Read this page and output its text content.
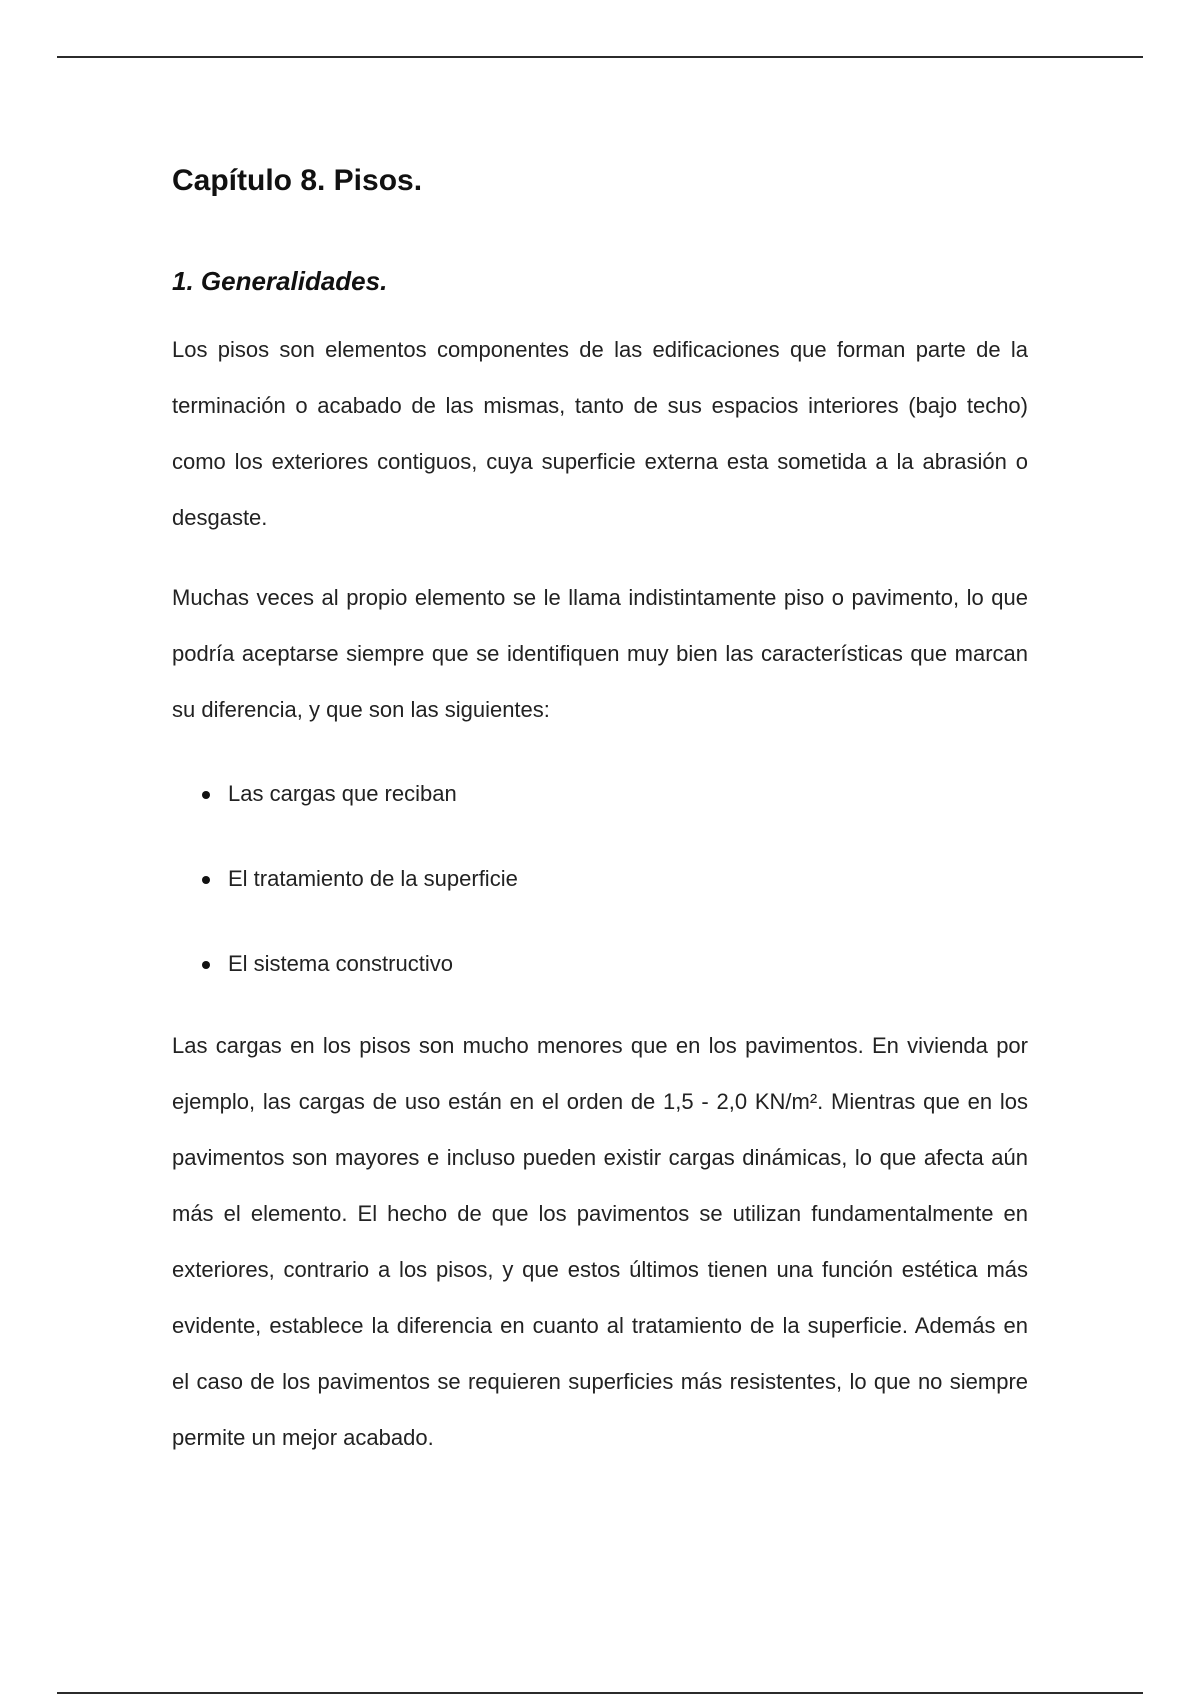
Capítulo 8. Pisos.
1. Generalidades.

Los pisos son elementos componentes de las edificaciones que forman parte de la terminación o acabado de las mismas, tanto de sus espacios interiores (bajo techo) como los exteriores contiguos, cuya superficie externa esta sometida a la abrasión o desgaste.

Muchas veces al propio elemento se le llama indistintamente piso o pavimento, lo que podría aceptarse siempre que se identifiquen muy bien las características que marcan su diferencia, y que son las siguientes:

Las cargas que reciban
El tratamiento de la superficie
El sistema constructivo

Las cargas en los pisos son mucho menores que en los pavimentos. En vivienda por ejemplo, las cargas de uso están en el orden de 1,5 - 2,0 KN/m². Mientras que en los pavimentos son mayores e incluso pueden existir cargas dinámicas, lo que afecta aún más el elemento. El hecho de que los pavimentos se utilizan fundamentalmente en exteriores, contrario a los pisos, y que estos últimos tienen una función estética más evidente, establece la diferencia en cuanto al tratamiento de la superficie. Además en el caso de los pavimentos se requieren superficies más resistentes, lo que no siempre permite un mejor acabado.
